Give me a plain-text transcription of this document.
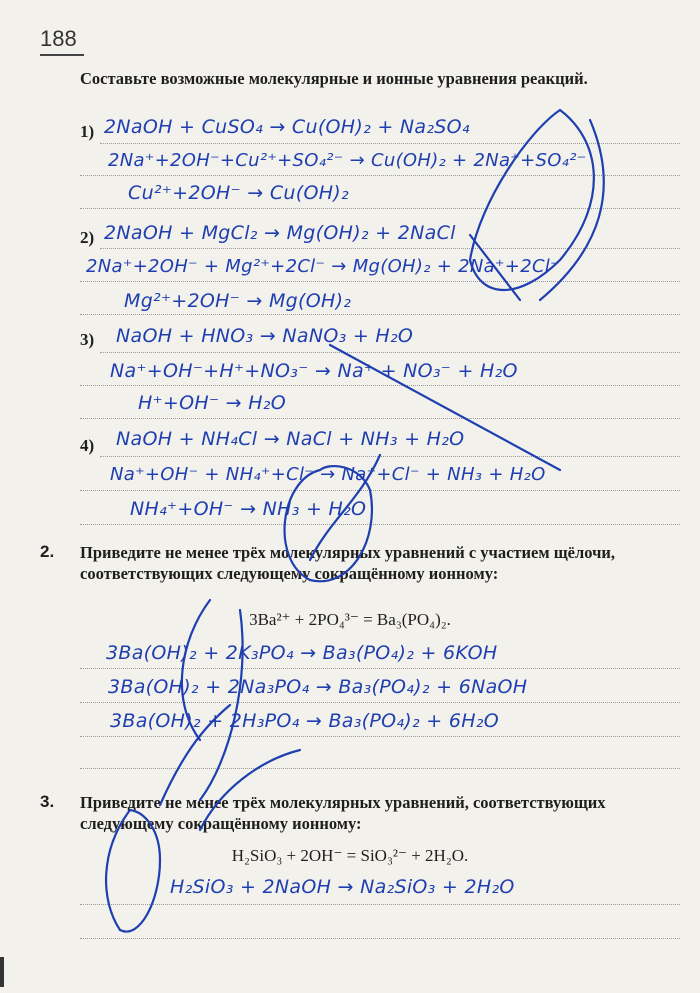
188
Составьте возможные молекулярные и ионные уравнения реакций.
1) 2NaOH + CuSO₄ → Cu(OH)₂ + Na₂SO₄
2Na⁺+2OH⁻+Cu²⁺+SO₄²⁻ → Cu(OH)₂ + 2Na⁺+SO₄²⁻
Cu²⁺+2OH⁻ → Cu(OH)₂
2) 2NaOH + MgCl₂ → Mg(OH)₂ + 2NaCl
2Na⁺+2OH⁻ + Mg²⁺+2Cl⁻ → Mg(OH)₂ + 2Na⁺+2Cl⁻
Mg²⁺+2OH⁻ → Mg(OH)₂
3) NaOH + HNO₃ → NaNO₃ + H₂O
Na⁺+OH⁻+H⁺+NO₃⁻ → Na⁺ + NO₃⁻ + H₂O
H⁺+OH⁻ → H₂O
4) NaOH + NH₄Cl → NaCl + NH₃ + H₂O
Na⁺+OH⁻ + NH₄⁺+Cl⁻ → Na⁺+Cl⁻ + NH₃ + H₂O
NH₄⁺+OH⁻ → NH₃ + H₂O
2. Приведите не менее трёх молекулярных уравнений с участием щёлочи, соответствующих следующему сокращённому ионному:
3Ba²⁺ + 2PO₄³⁻ = Ba₃(PO₄)₂.
3Ba(OH)₂ + 2K₃PO₄ → Ba₃(PO₄)₂ + 6KOH
3Ba(OH)₂ + 2Na₃PO₄ → Ba₃(PO₄)₂ + 6NaOH
3Ba(OH)₂ + 2H₃PO₄ → Ba₃(PO₄)₂ + 6H₂O
3. Приведите не менее трёх молекулярных уравнений, соответствующих следующему сокращённому ионному:
H₂SiO₃ + 2OH⁻ = SiO₃²⁻ + 2H₂O.
H₂SiO₃ + 2NaOH → Na₂SiO₃ + 2H₂O
